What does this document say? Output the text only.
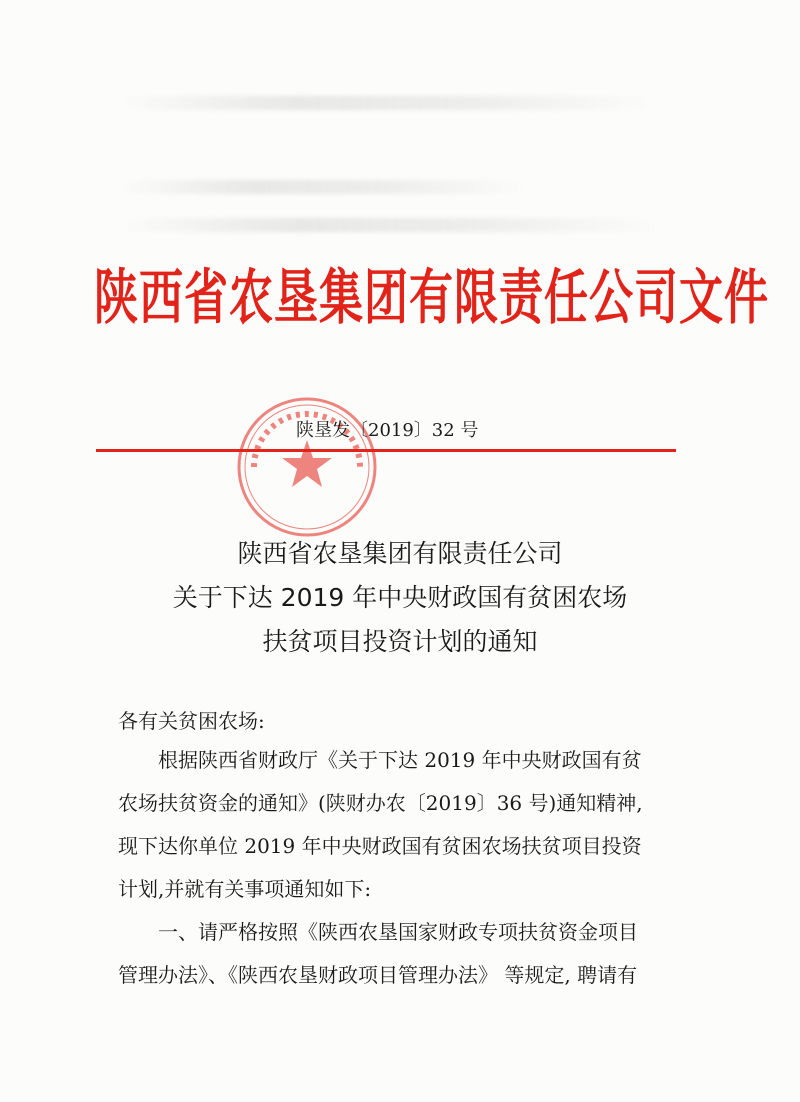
陕西省农垦集团有限责任公司文件
陕垦发〔2019〕32 号
陕西省农垦集团有限责任公司
关于下达 2019 年中央财政国有贫困农场
扶贫项目投资计划的通知
各有关贫困农场:
　　根据陕西省财政厅《关于下达 2019 年中央财政国有贫
农场扶贫资金的通知》(陕财办农〔2019〕36 号)通知精神,
现下达你单位 2019 年中央财政国有贫困农场扶贫项目投资
计划,并就有关事项通知如下:
　　一、请严格按照《陕西农垦国家财政专项扶贫资金项目
管理办法》、《陕西农垦财政项目管理办法》 等规定, 聘请有
